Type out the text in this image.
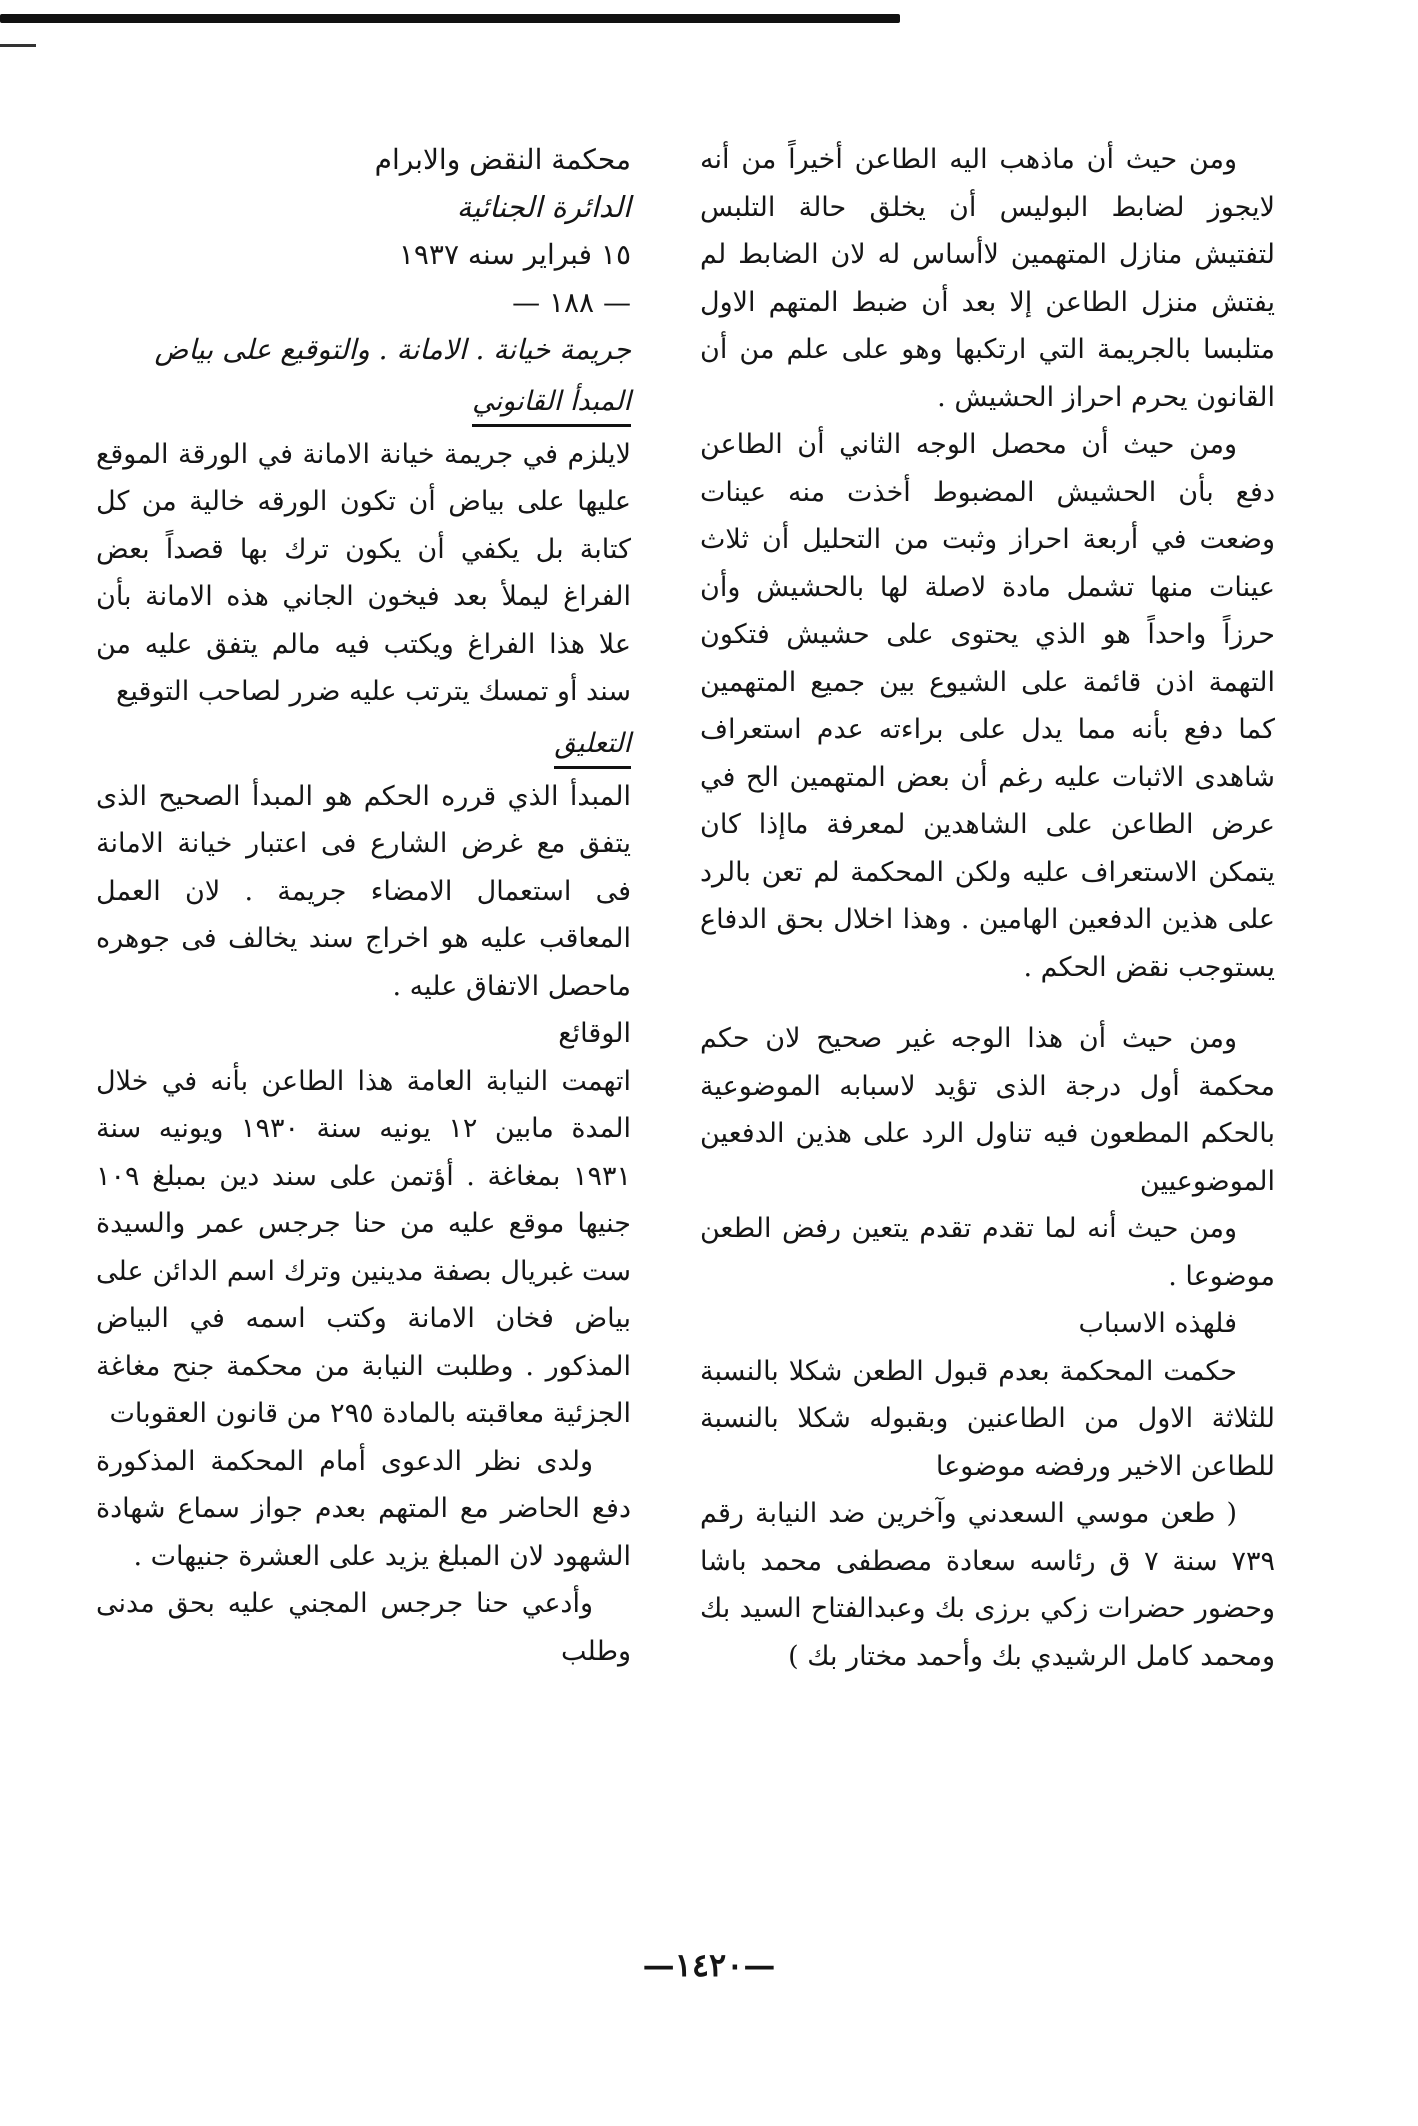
ومن حيث أن ماذهب اليه الطاعن أخيراً من أنه لايجوز لضابط البوليس أن يخلق حالة التلبس لتفتيش منازل المتهمين لاأساس له لان الضابط لم يفتش منزل الطاعن إلا بعد أن ضبط المتهم الاول متلبسا بالجريمة التي ارتكبها وهو على علم من أن القانون يحرم احراز الحشيش .

ومن حيث أن محصل الوجه الثاني أن الطاعن دفع بأن الحشيش المضبوط أخذت منه عينات وضعت في أربعة احراز وثبت من التحليل أن ثلاث عينات منها تشمل مادة لاصلة لها بالحشيش وأن حرزاً واحداً هو الذي يحتوى على حشيش فتكون التهمة اذن قائمة على الشيوع بين جميع المتهمين كما دفع بأنه مما يدل على براءته عدم استعراف شاهدى الاثبات عليه رغم أن بعض المتهمين الح في عرض الطاعن على الشاهدين لمعرفة ماإذا كان يتمكن الاستعراف عليه ولكن المحكمة لم تعن بالرد على هذين الدفعين الهامين . وهذا اخلال بحق الدفاع يستوجب نقض الحكم .

ومن حيث أن هذا الوجه غير صحيح لان حكم محكمة أول درجة الذى تؤيد لاسبابه الموضوعية بالحكم المطعون فيه تناول الرد على هذين الدفعين الموضوعيين

ومن حيث أنه لما تقدم تقدم يتعين رفض الطعن موضوعا .

فلهذه الاسباب

حكمت المحكمة بعدم قبول الطعن شكلا بالنسبة للثلاثة الاول من الطاعنين وبقبوله شكلا بالنسبة للطاعن الاخير ورفضه موضوعا

( طعن موسي السعدني وآخرين ضد النيابة رقم ٧٣٩ سنة ٧ ق رئاسه سعادة مصطفى محمد باشا وحضور حضرات زكي برزى بك وعبدالفتاح السيد بك ومحمد كامل الرشيدي بك وأحمد مختار بك )

محكمة النقض والابرام

الدائرة الجنائية

١٥ فبراير سنه ١٩٣٧

— ١٨٨ —

جريمة خيانة . الامانة . والتوقيع على بياض

المبدأ القانوني

لايلزم في جريمة خيانة الامانة في الورقة الموقع عليها على بياض أن تكون الورقه خالية من كل كتابة بل يكفي أن يكون ترك بها قصداً بعض الفراغ ليملأ بعد فيخون الجاني هذه الامانة بأن علا هذا الفراغ ويكتب فيه مالم يتفق عليه من سند أو تمسك يترتب عليه ضرر لصاحب التوقيع

التعليق

المبدأ الذي قرره الحكم هو المبدأ الصحيح الذى يتفق مع غرض الشارع فى اعتبار خيانة الامانة فى استعمال الامضاء جريمة . لان العمل المعاقب عليه هو اخراج سند يخالف فى جوهره ماحصل الاتفاق عليه .

الوقائع

اتهمت النيابة العامة هذا الطاعن بأنه في خلال المدة مابين ١٢ يونيه سنة ١٩٣٠ ويونيه سنة ١٩٣١ بمغاغة . أؤتمن على سند دين بمبلغ ١٠٩ جنيها موقع عليه من حنا جرجس عمر والسيدة ست غبريال بصفة مدينين وترك اسم الدائن على بياض فخان الامانة وكتب اسمه في البياض المذكور . وطلبت النيابة من محكمة جنح مغاغة الجزئية معاقبته بالمادة ٢٩٥ من قانون العقوبات

ولدى نظر الدعوى أمام المحكمة المذكورة دفع الحاضر مع المتهم بعدم جواز سماع شهادة الشهود لان المبلغ يزيد على العشرة جنيهات .

وأدعي حنا جرجس المجني عليه بحق مدنى وطلب

—١٤٢٠—
